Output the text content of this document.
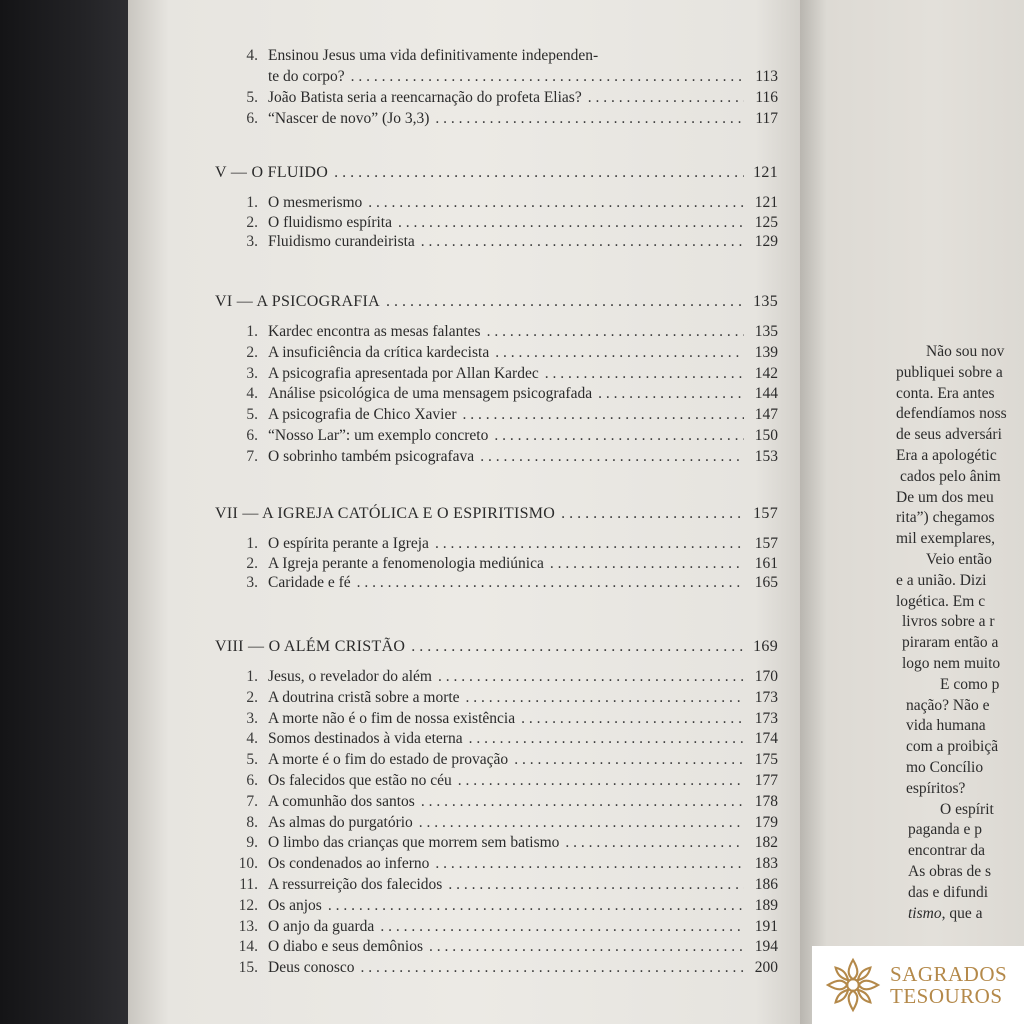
4. Ensinou Jesus uma vida definitivamente independen-
te do corpo? . . .	113
5. João Batista seria a reencarnação do profeta Elias? . . .	116
6. “Nascer de novo” (Jo 3,3) . . .	117
V — O FLUIDO . . .	121
1. O mesmerismo . . .	121
2. O fluidismo espírita . . .	125
3. Fluidismo curandeirista . . .	129
VI — A PSICOGRAFIA . . .	135
1. Kardec encontra as mesas falantes . . .	135
2. A insuficiência da crítica kardecista . . .	139
3. A psicografia apresentada por Allan Kardec . . .	142
4. Análise psicológica de uma mensagem psicografada . . .	144
5. A psicografia de Chico Xavier . . .	147
6. “Nosso Lar”: um exemplo concreto . . .	150
7. O sobrinho também psicografava . . .	153
VII — A IGREJA CATÓLICA E O ESPIRITISMO . . .	157
1. O espírita perante a Igreja . . .	157
2. A Igreja perante a fenomenologia mediúnica . . .	161
3. Caridade e fé . . .	165
VIII — O ALÉM CRISTÃO . . .	169
1. Jesus, o revelador do além . . .	170
2. A doutrina cristã sobre a morte . . .	173
3. A morte não é o fim de nossa existência . . .	173
4. Somos destinados à vida eterna . . .	174
5. A morte é o fim do estado de provação . . .	175
6. Os falecidos que estão no céu . . .	177
7. A comunhão dos santos . . .	178
8. As almas do purgatório . . .	179
9. O limbo das crianças que morrem sem batismo . . .	182
10. Os condenados ao inferno . . .	183
11. A ressurreição dos falecidos . . .	186
12. Os anjos . . .	189
13. O anjo da guarda . . .	191
14. O diabo e seus demônios . . .	194
15. Deus conosco . . .	200
Não sou nov
publiquei sobre a
conta. Era antes
defendíamos noss
de seus adversári
Era a apologétic
cados pelo ânim
De um dos meu
rita”) chegamos
mil exemplares,
Veio então
e a união. Dizi
logética. Em c
livros sobre a r
piraram então a
logo nem muito
E como p
nação? Não e
vida humana
com a proibiçã
mo Concílio
espíritos?
O espírit
paganda e p
encontrar da
As obras de s
das e difundi
tismo, que a
SAGRADOS
TESOUROS
